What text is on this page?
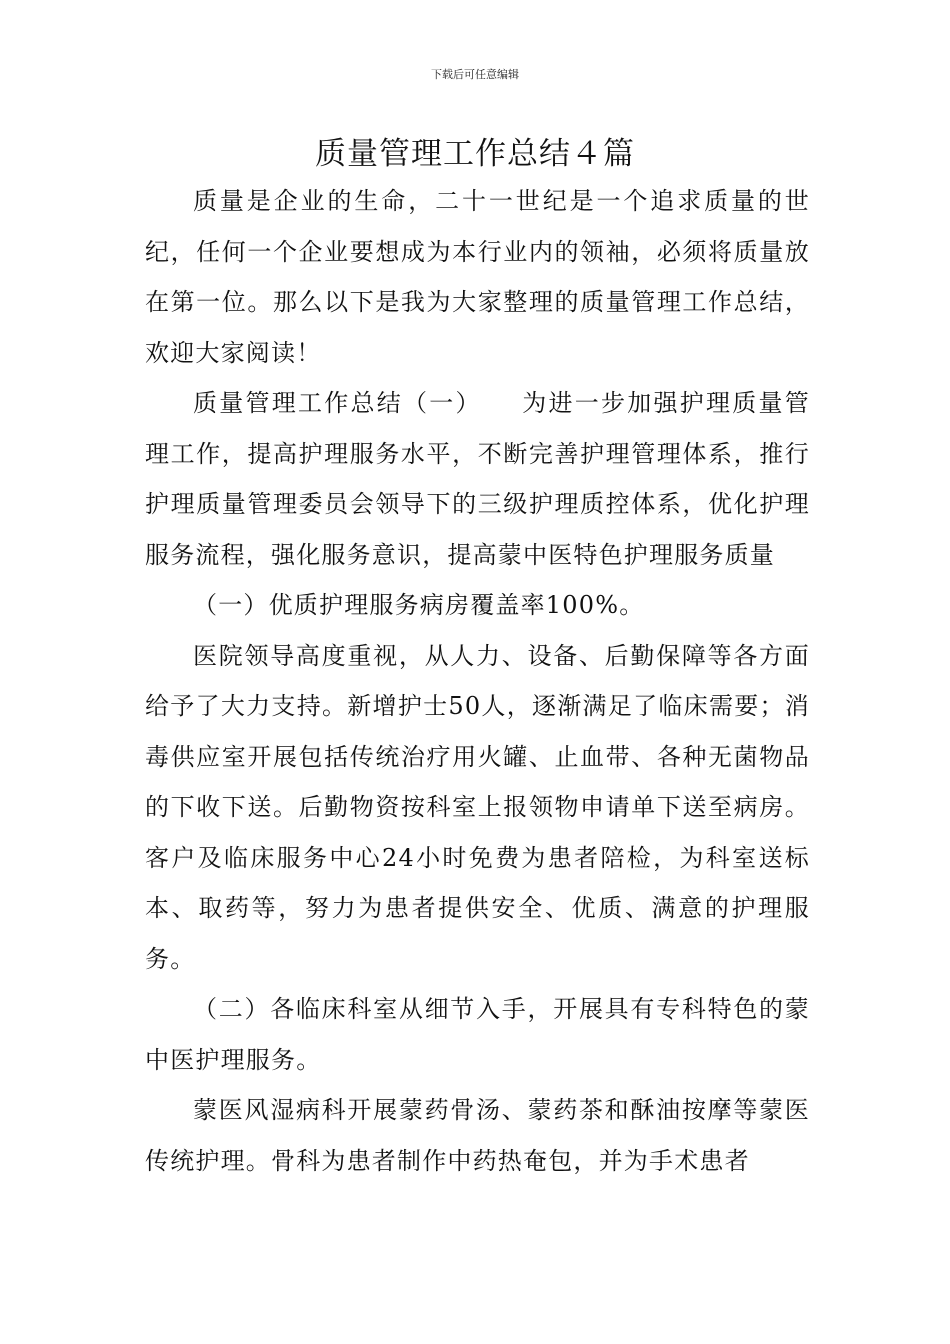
下载后可任意编辑
质量管理工作总结４篇

质量是企业的生命，二十一世纪是一个追求质量的世纪，任何一个企业要想成为本行业内的领袖，必须将质量放在第一位。那么以下是我为大家整理的质量管理工作总结，欢迎大家阅读！

质量管理工作总结（一）　　为进一步加强护理质量管理工作，提高护理服务水平，不断完善护理管理体系，推行护理质量管理委员会领导下的三级护理质控体系，优化护理服务流程，强化服务意识，提高蒙中医特色护理服务质量

（一）优质护理服务病房覆盖率100%。

医院领导高度重视，从人力、设备、后勤保障等各方面给予了大力支持。新增护士50人，逐渐满足了临床需要；消毒供应室开展包括传统治疗用火罐、止血带、各种无菌物品的下收下送。后勤物资按科室上报领物申请单下送至病房。客户及临床服务中心24小时免费为患者陪检，为科室送标本、取药等，努力为患者提供安全、优质、满意的护理服务。

（二）各临床科室从细节入手，开展具有专科特色的蒙中医护理服务。

蒙医风湿病科开展蒙药骨汤、蒙药茶和酥油按摩等蒙医传统护理。骨科为患者制作中药热奄包，并为手术患者
